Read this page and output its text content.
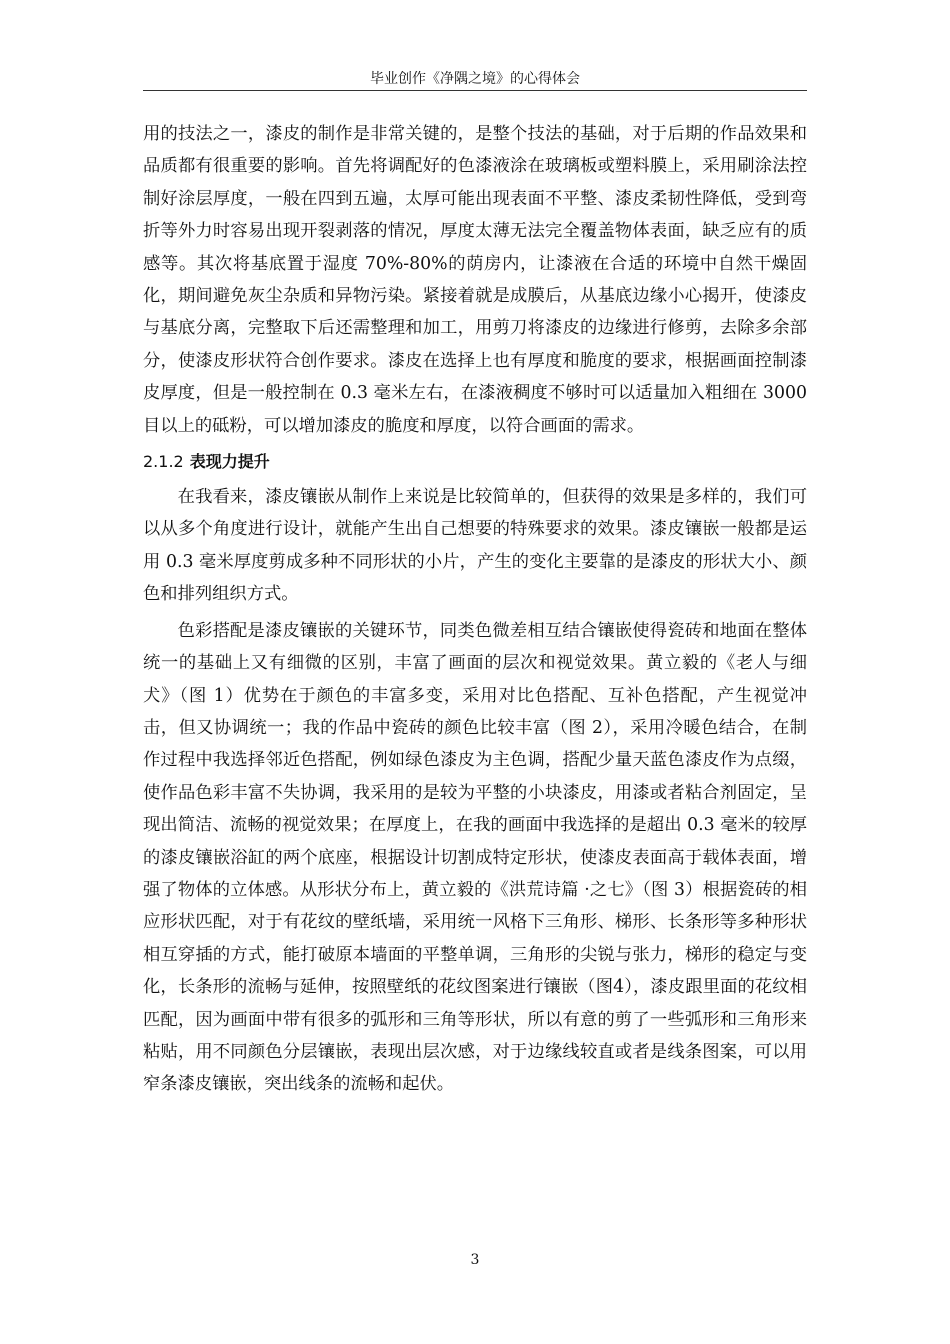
毕业创作《净隅之境》的心得体会

用的技法之一，漆皮的制作是非常关键的，是整个技法的基础，对于后期的作品效果和品质都有很重要的影响。首先将调配好的色漆液涂在玻璃板或塑料膜上，采用刷涂法控制好涂层厚度，一般在四到五遍，太厚可能出现表面不平整、漆皮柔韧性降低，受到弯折等外力时容易出现开裂剥落的情况，厚度太薄无法完全覆盖物体表面，缺乏应有的质感等。其次将基底置于湿度 70%-80%的荫房内，让漆液在合适的环境中自然干燥固化，期间避免灰尘杂质和异物污染。紧接着就是成膜后，从基底边缘小心揭开，使漆皮与基底分离，完整取下后还需整理和加工，用剪刀将漆皮的边缘进行修剪，去除多余部分，使漆皮形状符合创作要求。漆皮在选择上也有厚度和脆度的要求，根据画面控制漆皮厚度，但是一般控制在 0.3 毫米左右，在漆液稠度不够时可以适量加入粗细在 3000 目以上的砥粉，可以增加漆皮的脆度和厚度，以符合画面的需求。

2.1.2 表现力提升

在我看来，漆皮镶嵌从制作上来说是比较简单的，但获得的效果是多样的，我们可以从多个角度进行设计，就能产生出自己想要的特殊要求的效果。漆皮镶嵌一般都是运用 0.3 毫米厚度剪成多种不同形状的小片，产生的变化主要靠的是漆皮的形状大小、颜色和排列组织方式。

色彩搭配是漆皮镶嵌的关键环节，同类色微差相互结合镶嵌使得瓷砖和地面在整体统一的基础上又有细微的区别，丰富了画面的层次和视觉效果。黄立毅的《老人与细犬》（图 1）优势在于颜色的丰富多变，采用对比色搭配、互补色搭配，产生视觉冲击，但又协调统一；我的作品中瓷砖的颜色比较丰富（图 2），采用冷暖色结合，在制作过程中我选择邻近色搭配，例如绿色漆皮为主色调，搭配少量天蓝色漆皮作为点缀，使作品色彩丰富不失协调，我采用的是较为平整的小块漆皮，用漆或者粘合剂固定，呈现出简洁、流畅的视觉效果；在厚度上，在我的画面中我选择的是超出 0.3 毫米的较厚的漆皮镶嵌浴缸的两个底座，根据设计切割成特定形状，使漆皮表面高于载体表面，增强了物体的立体感。从形状分布上，黄立毅的《洪荒诗篇 ·之七》（图 3）根据瓷砖的相应形状匹配，对于有花纹的壁纸墙，采用统一风格下三角形、梯形、长条形等多种形状相互穿插的方式，能打破原本墙面的平整单调，三角形的尖锐与张力，梯形的稳定与变化，长条形的流畅与延伸，按照壁纸的花纹图案进行镶嵌（图4），漆皮跟里面的花纹相匹配，因为画面中带有很多的弧形和三角等形状，所以有意的剪了一些弧形和三角形来粘贴，用不同颜色分层镶嵌，表现出层次感，对于边缘线较直或者是线条图案，可以用窄条漆皮镶嵌，突出线条的流畅和起伏。

3
